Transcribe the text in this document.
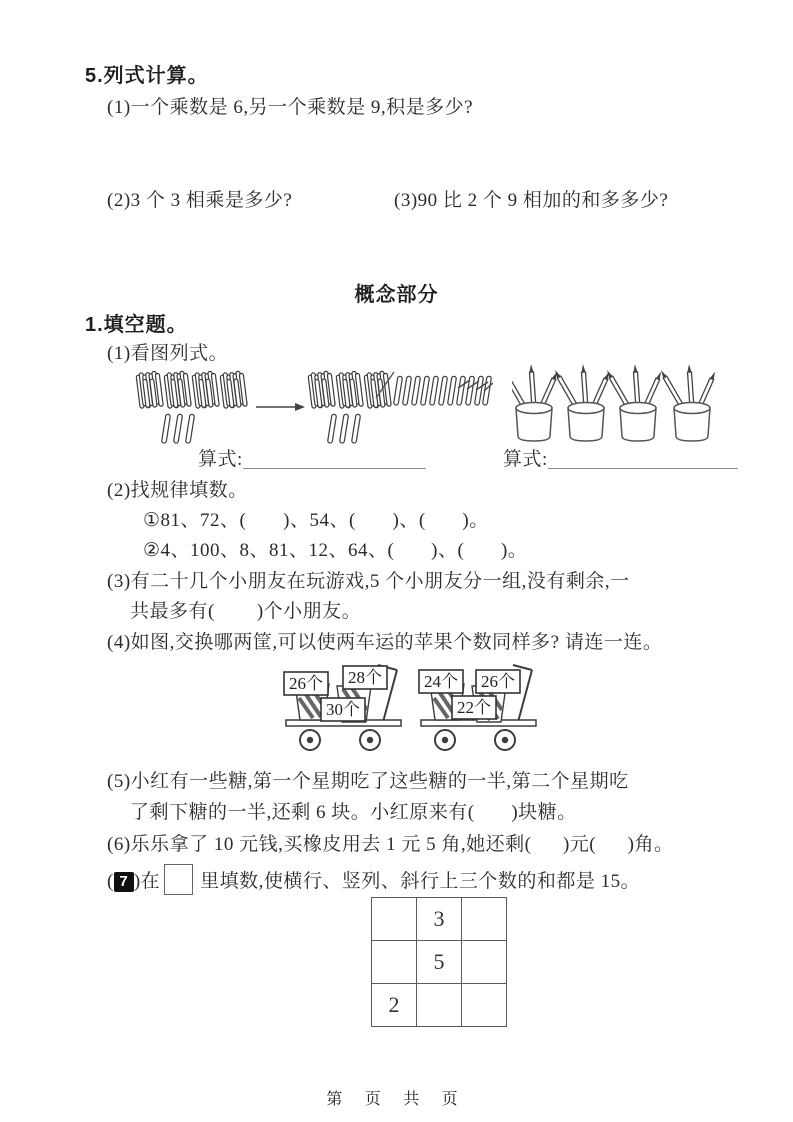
5.列式计算。
(1)一个乘数是 6,另一个乘数是 9,积是多少?
(2)3 个 3 相乘是多少?	(3)90 比 2 个 9 相加的和多多少?
概念部分
1.填空题。
(1)看图列式。
算式:	算式:
(2)找规律填数。
①81、72、(       )、54、(       )、(       )。
②4、100、8、81、12、64、(       )、(       )。
(3)有二十几个小朋友在玩游戏,5 个小朋友分一组,没有剩余,一
共最多有(        )个小朋友。
(4)如图,交换哪两筐,可以使两车运的苹果个数同样多? 请连一连。
26个 28个
30个
24个 26个
22个
(5)小红有一些糖,第一个星期吃了这些糖的一半,第二个星期吃
了剩下糖的一半,还剩 6 块。小红原来有(       )块糖。
(6)乐乐拿了 10 元钱,买橡皮用去 1 元 5 角,她还剩(      )元(      )角。
( 7 )在 里填数,使横行、竖列、斜行上三个数的和都是 15。
	3	
	5	
2		
第 页 共 页
